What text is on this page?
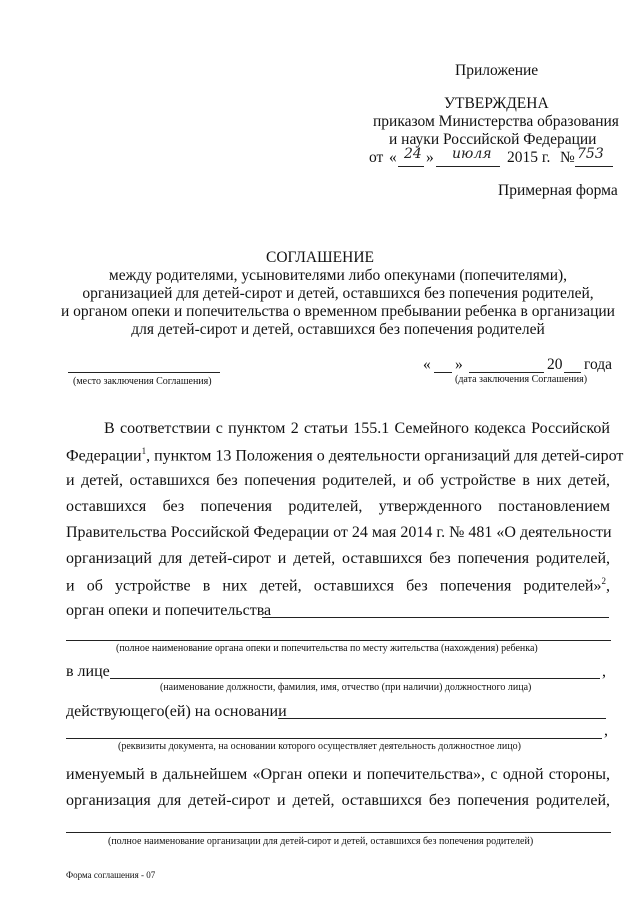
Приложение
УТВЕРЖДЕНА
приказом Министерства образования
и науки Российской Федерации
от « 24 » июля 2015 г. № 753
Примерная форма
СОГЛАШЕНИЕ
между родителями, усыновителями либо опекунами (попечителями),
организацией для детей-сирот и детей, оставшихся без попечения родителей,
и органом опеки и попечительства о временном пребывании ребенка в организации
для детей-сирот и детей, оставшихся без попечения родителей
(место заключения Соглашения)
« »	20 года
(дата заключения Соглашения)
В соответствии с пунктом 2 статьи 155.1 Семейного кодекса Российской
Федерации$^1$, пунктом 13 Положения о деятельности организаций для детей-сирот
и детей, оставшихся без попечения родителей, и об устройстве в них детей,
оставшихся без попечения родителей, утвержденного постановлением
Правительства Российской Федерации от 24 мая 2014 г. № 481 «О деятельности
организаций для детей-сирот и детей, оставшихся без попечения родителей,
и об устройстве в них детей, оставшихся без попечения родителей»$^2$,
орган опеки и попечительства
(полное наименование органа опеки и попечительства по месту жительства (нахождения) ребенка)
в лице	,
(наименование должности, фамилия, имя, отчество (при наличии) должностного лица)
действующего(ей) на основании
,
(реквизиты документа, на основании которого осуществляет деятельность должностное лицо)
именуемый в дальнейшем «Орган опеки и попечительства», с одной стороны,
организация для детей-сирот и детей, оставшихся без попечения родителей,
(полное наименование организации для детей-сирот и детей, оставшихся без попечения родителей)
Форма соглашения - 07
